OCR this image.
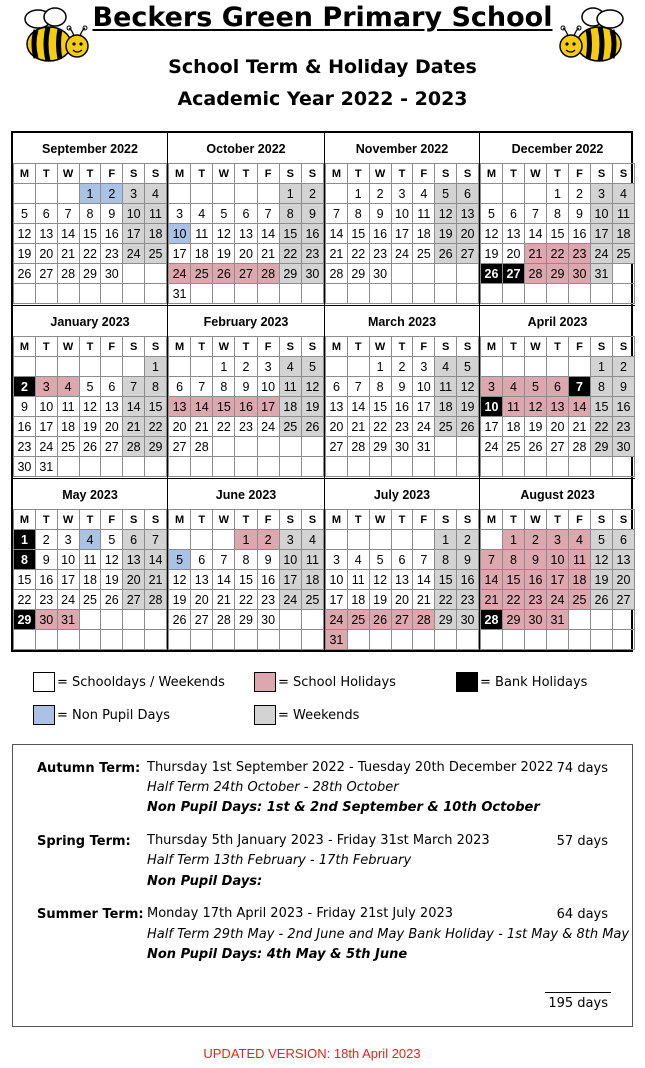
Beckers Green Primary School
School Term & Holiday Dates
Academic Year 2022 - 2023
September 2022
M	T	W	T	F	S	S
			1	2	3	4
5	6	7	8	9	10	11
12	13	14	15	16	17	18
19	20	21	22	23	24	25
26	27	28	29	30		

October 2022
M	T	W	T	F	S	S
					1	2
3	4	5	6	7	8	9
10	11	12	13	14	15	16
17	18	19	20	21	22	23
24	25	26	27	28	29	30
31						
November 2022
M	T	W	T	F	S	S
	1	2	3	4	5	6
7	8	9	10	11	12	13
14	15	16	17	18	19	20
21	22	23	24	25	26	27
28	29	30				

December 2022
M	T	W	T	F	S	S
			1	2	3	4
5	6	7	8	9	10	11
12	13	14	15	16	17	18
19	20	21	22	23	24	25
26	27	28	29	30	31	

January 2023
M	T	W	T	F	S	S
						1
2	3	4	5	6	7	8
9	10	11	12	13	14	15
16	17	18	19	20	21	22
23	24	25	26	27	28	29
30	31					
February 2023
M	T	W	T	F	S	S
		1	2	3	4	5
6	7	8	9	10	11	12
13	14	15	16	17	18	19
20	21	22	23	24	25	26
27	28					

March 2023
M	T	W	T	F	S	S
		1	2	3	4	5
6	7	8	9	10	11	12
13	14	15	16	17	18	19
20	21	22	23	24	25	26
27	28	29	30	31		

April 2023
M	T	W	T	F	S	S
					1	2
3	4	5	6	7	8	9
10	11	12	13	14	15	16
17	18	19	20	21	22	23
24	25	26	27	28	29	30

May 2023
M	T	W	T	F	S	S
1	2	3	4	5	6	7
8	9	10	11	12	13	14
15	16	17	18	19	20	21
22	23	24	25	26	27	28
29	30	31				

June 2023
M	T	W	T	F	S	S
			1	2	3	4
5	6	7	8	9	10	11
12	13	14	15	16	17	18
19	20	21	22	23	24	25
26	27	28	29	30		

July 2023
M	T	W	T	F	S	S
					1	2
3	4	5	6	7	8	9
10	11	12	13	14	15	16
17	18	19	20	21	22	23
24	25	26	27	28	29	30
31						
August 2023
M	T	W	T	F	S	S
	1	2	3	4	5	6
7	8	9	10	11	12	13
14	15	16	17	18	19	20
21	22	23	24	25	26	27
28	29	30	31			

= Schooldays / Weekends	= School Holidays	= Bank Holidays
= Non Pupil Days	= Weekends
Autumn Term: Thursday 1st September 2022 - Tuesday 20th December 2022 74 days
Half Term 24th October - 28th October
Non Pupil Days: 1st & 2nd September & 10th October
Spring Term: Thursday 5th January 2023 - Friday 31st March 2023	57 days
Half Term 13th February - 17th February
Non Pupil Days:
Summer Term: Monday 17th April 2023 - Friday 21st July 2023	64 days
Half Term 29th May - 2nd June and May Bank Holiday - 1st May & 8th May
Non Pupil Days: 4th May & 5th June
195 days
UPDATED VERSION: 18th April 2023
